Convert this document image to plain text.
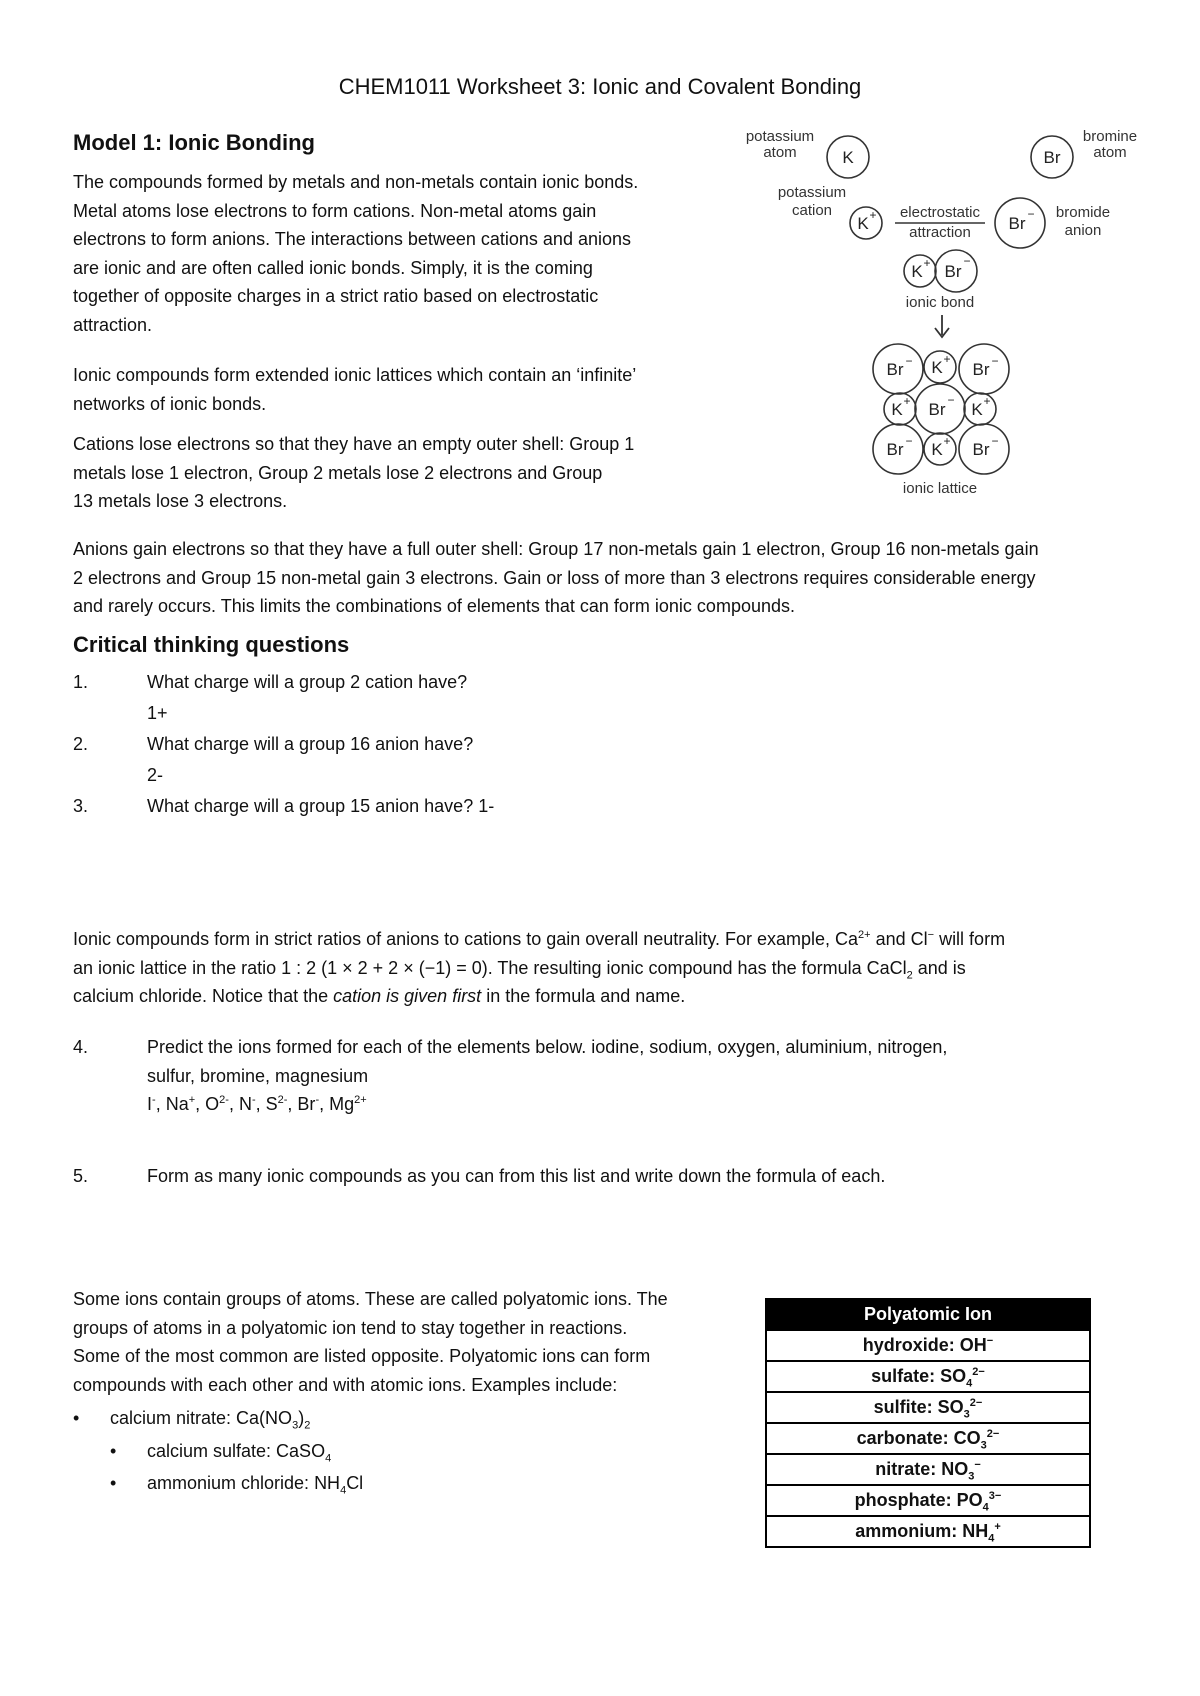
CHEM1011 Worksheet 3: Ionic and Covalent Bonding
Model 1: Ionic Bonding
The compounds formed by metals and non-metals contain ionic bonds.
Metal atoms lose electrons to form cations. Non-metal atoms gain
electrons to form anions. The interactions between cations and anions
are ionic and are often called ionic bonds. Simply, it is the coming
together of opposite charges in a strict ratio based on electrostatic
attraction.
Ionic compounds form extended ionic lattices which contain an ‘infinite’
networks of ionic bonds.
Cations lose electrons so that they have an empty outer shell: Group 1
metals lose 1 electron, Group 2 metals lose 2 electrons and Group
13 metals lose 3 electrons.
Anions gain electrons so that they have a full outer shell: Group 17 non-metals gain 1 electron, Group 16 non-metals gain
2 electrons and Group 15 non-metal gain 3 electrons. Gain or loss of more than 3 electrons requires considerable energy
and rarely occurs. This limits the combinations of elements that can form ionic compounds.
potassium
atom
bromine
atom
potassium
cation	electrostatic
attraction
bromide
anion
ionic bond
ionic lattice
K	Br
K	Br
K Br
Br K Br
K Br K
Br K Br
+	−
+	−
−	+	−
+	− +
−	+	−
Critical thinking questions
1.	What charge will a group 2 cation have?
1+
2.	What charge will a group 16 anion have?
2-
3.	What charge will a group 15 anion have? 1-
Ionic compounds form in strict ratios of anions to cations to gain overall neutrality. For example, $Ca^{2+}$ and Cl− will form
an ionic lattice in the ratio 1 : 2 (1 × 2 + 2 × (−1) = 0). The resulting ionic compound has the formula CaCl$_2$ and is
calcium chloride. Notice that the cation is given first in the formula and name.
4.	Predict the ions formed for each of the elements below. iodine, sodium, oxygen, aluminium, nitrogen,
sulfur, bromine, magnesium
I-, Na+, $O^{2-}$, N-, $S^{2-}$, Br-, $Mg^{2+}$
5.	Form as many ionic compounds as you can from this list and write down the formula of each.
Some ions contain groups of atoms. These are called polyatomic ions. The
groups of atoms in a polyatomic ion tend to stay together in reactions.
Some of the most common are listed opposite. Polyatomic ions can form
compounds with each other and with atomic ions. Examples include:
• calcium nitrate: $Ca(NO_3)_2$
• calcium sulfate: CaSO$_4$
• ammonium chloride: $NH_4Cl$
Polyatomic Ion
hydroxide: OH−
sulfate: $SO_4^{2-}$
sulfite: $SO_3^{2-}$
carbonate: $CO_3^{2-}$
nitrate: $NO_3^-$
phosphate: $PO_4^{3-}$
ammonium: $NH_4^+$
